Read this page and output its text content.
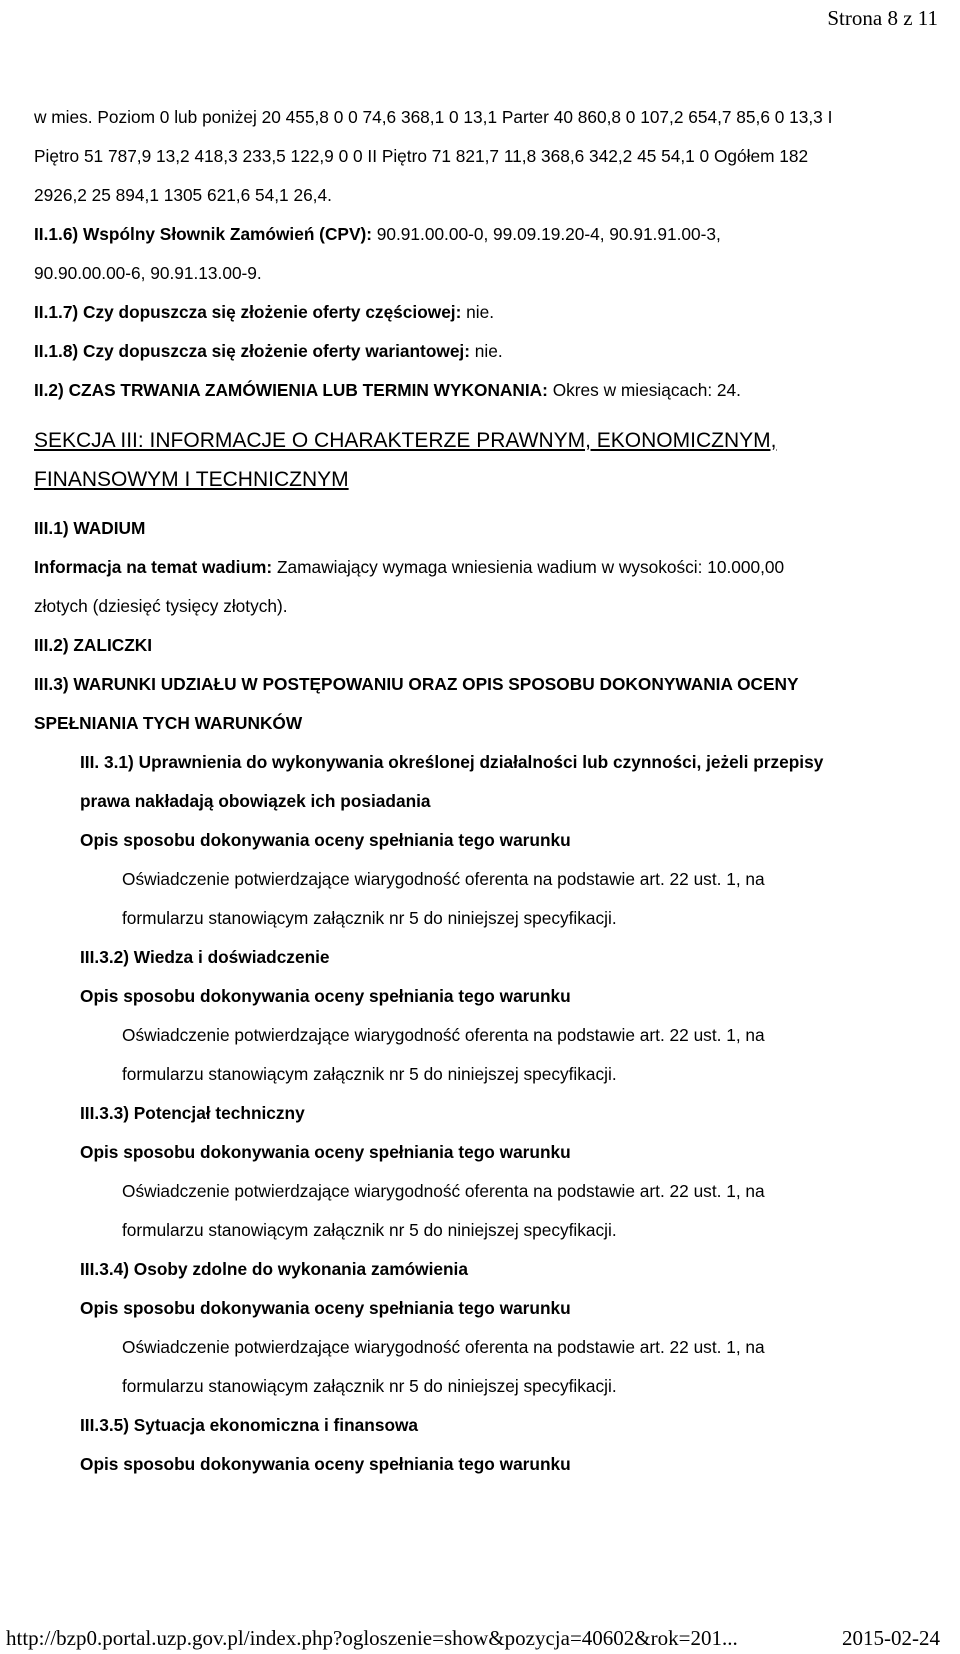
Strona 8 z 11

w mies. Poziom 0 lub poniżej 20 455,8 0 0 74,6 368,1 0 13,1 Parter 40 860,8 0 107,2 654,7 85,6 0 13,3 I

Piętro 51 787,9 13,2 418,3 233,5 122,9 0 0 II Piętro 71 821,7 11,8 368,6 342,2 45 54,1 0 Ogółem 182

2926,2 25 894,1 1305 621,6 54,1 26,4.

II.1.6) Wspólny Słownik Zamówień (CPV): 90.91.00.00-0, 99.09.19.20-4, 90.91.91.00-3,

90.90.00.00-6, 90.91.13.00-9.

II.1.7) Czy dopuszcza się złożenie oferty częściowej: nie.

II.1.8) Czy dopuszcza się złożenie oferty wariantowej: nie.

II.2) CZAS TRWANIA ZAMÓWIENIA LUB TERMIN WYKONANIA: Okres w miesiącach: 24.

SEKCJA III: INFORMACJE O CHARAKTERZE PRAWNYM, EKONOMICZNYM,
FINANSOWYM I TECHNICZNYM

III.1) WADIUM

Informacja na temat wadium: Zamawiający wymaga wniesienia wadium w wysokości: 10.000,00

złotych (dziesięć tysięcy złotych).

III.2) ZALICZKI

III.3) WARUNKI UDZIAŁU W POSTĘPOWANIU ORAZ OPIS SPOSOBU DOKONYWANIA OCENY

SPEŁNIANIA TYCH WARUNKÓW

III. 3.1) Uprawnienia do wykonywania określonej działalności lub czynności, jeżeli przepisy

prawa nakładają obowiązek ich posiadania

Opis sposobu dokonywania oceny spełniania tego warunku

Oświadczenie potwierdzające wiarygodność oferenta na podstawie art. 22 ust. 1, na

formularzu stanowiącym załącznik nr 5 do niniejszej specyfikacji.

III.3.2) Wiedza i doświadczenie

Opis sposobu dokonywania oceny spełniania tego warunku

Oświadczenie potwierdzające wiarygodność oferenta na podstawie art. 22 ust. 1, na

formularzu stanowiącym załącznik nr 5 do niniejszej specyfikacji.

III.3.3) Potencjał techniczny

Opis sposobu dokonywania oceny spełniania tego warunku

Oświadczenie potwierdzające wiarygodność oferenta na podstawie art. 22 ust. 1, na

formularzu stanowiącym załącznik nr 5 do niniejszej specyfikacji.

III.3.4) Osoby zdolne do wykonania zamówienia

Opis sposobu dokonywania oceny spełniania tego warunku

Oświadczenie potwierdzające wiarygodność oferenta na podstawie art. 22 ust. 1, na

formularzu stanowiącym załącznik nr 5 do niniejszej specyfikacji.

III.3.5) Sytuacja ekonomiczna i finansowa

Opis sposobu dokonywania oceny spełniania tego warunku

http://bzp0.portal.uzp.gov.pl/index.php?ogloszenie=show&pozycja=40602&rok=201...	2015-02-24
